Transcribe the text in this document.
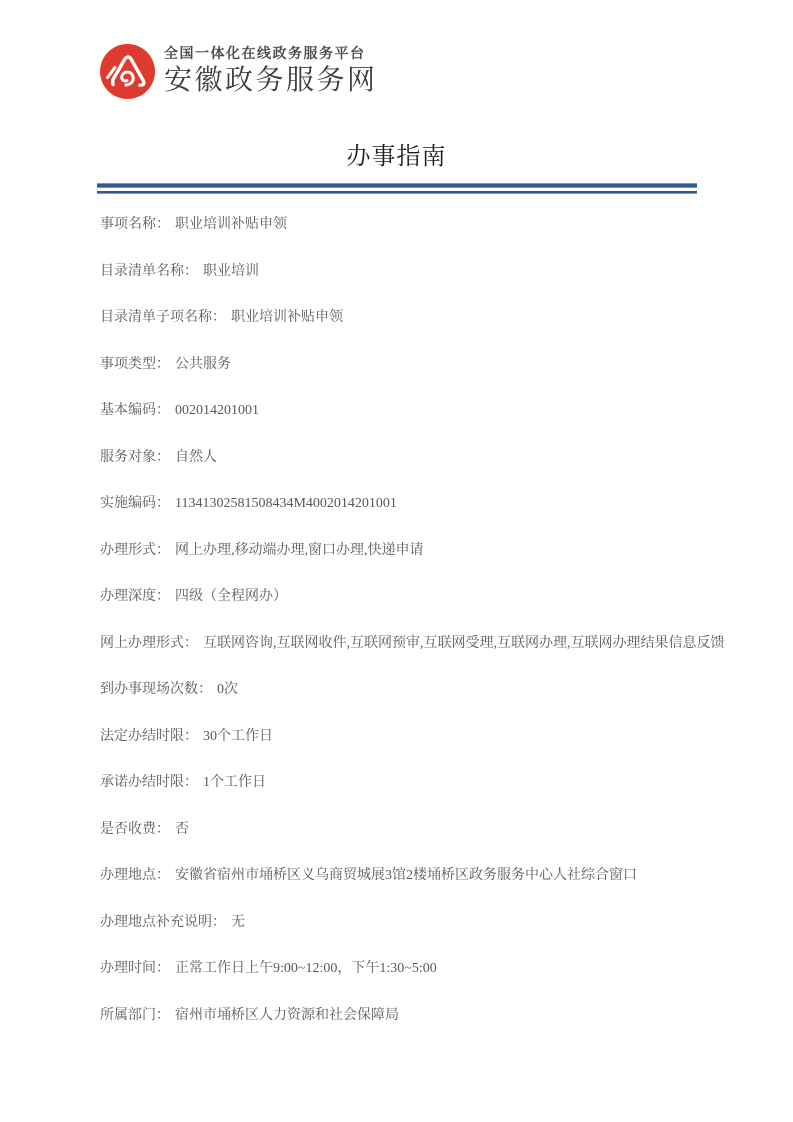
全国一体化在线政务服务平台
安徽政务服务网
办事指南
事项名称： 职业培训补贴申领
目录清单名称： 职业培训
目录清单子项名称： 职业培训补贴申领
事项类型： 公共服务
基本编码： 002014201001
服务对象： 自然人
实施编码： 11341302581508434M4002014201001
办理形式： 网上办理,移动端办理,窗口办理,快递申请
办理深度： 四级（全程网办）
网上办理形式： 互联网咨询,互联网收件,互联网预审,互联网受理,互联网办理,互联网办理结果信息反馈
到办事现场次数： 0次
法定办结时限： 30个工作日
承诺办结时限： 1个工作日
是否收费： 否
办理地点： 安徽省宿州市埇桥区义乌商贸城展3馆2楼埇桥区政务服务中心人社综合窗口
办理地点补充说明： 无
办理时间： 正常工作日上午9:00~12:00，下午1:30~5:00
所属部门： 宿州市埇桥区人力资源和社会保障局
